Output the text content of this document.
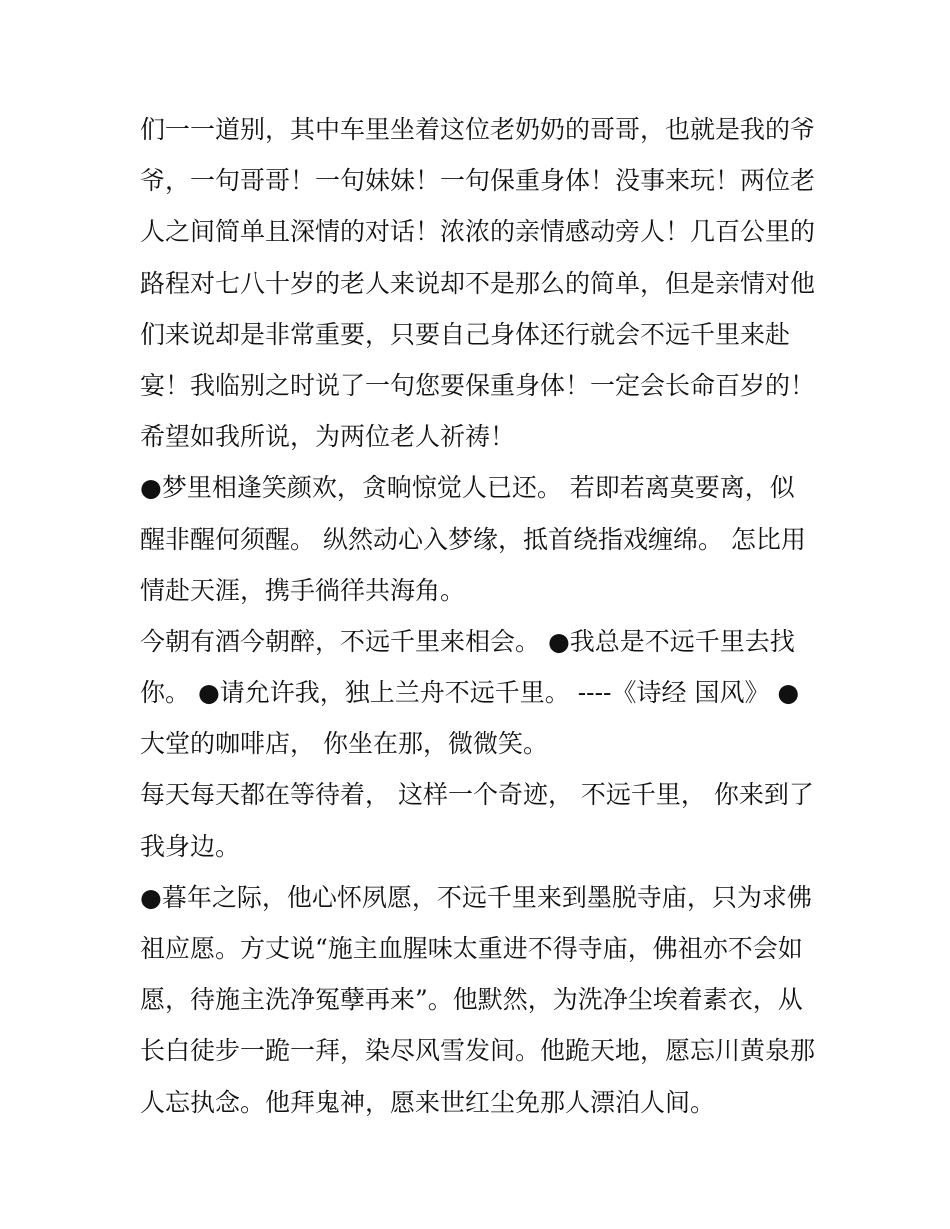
们一一道别，其中车里坐着这位老奶奶的哥哥，也就是我的爷
爷，一句哥哥！一句妹妹！一句保重身体！没事来玩！两位老
人之间简单且深情的对话！浓浓的亲情感动旁人！几百公里的
路程对七八十岁的老人来说却不是那么的简单，但是亲情对他
们来说却是非常重要，只要自己身体还行就会不远千里来赴
宴！我临别之时说了一句您要保重身体！一定会长命百岁的！
希望如我所说，为两位老人祈祷！
●梦里相逢笑颜欢，贪晌惊觉人已还。 若即若离莫要离，似
醒非醒何须醒。 纵然动心入梦缘，抵首绕指戏缠绵。 怎比用
情赴天涯，携手徜徉共海角。
今朝有酒今朝醉，不远千里来相会。 ●我总是不远千里去找
你。 ●请允许我，独上兰舟不远千里。 ----《诗经 国风》 ●
大堂的咖啡店， 你坐在那，微微笑。
每天每天都在等待着， 这样一个奇迹， 不远千里， 你来到了
我身边。
●暮年之际，他心怀夙愿，不远千里来到墨脱寺庙，只为求佛
祖应愿。方丈说“施主血腥味太重进不得寺庙，佛祖亦不会如
愿，待施主洗净冤孽再来”。他默然，为洗净尘埃着素衣，从
长白徒步一跪一拜，染尽风雪发间。他跪天地，愿忘川黄泉那
人忘执念。他拜鬼神，愿来世红尘免那人漂泊人间。
